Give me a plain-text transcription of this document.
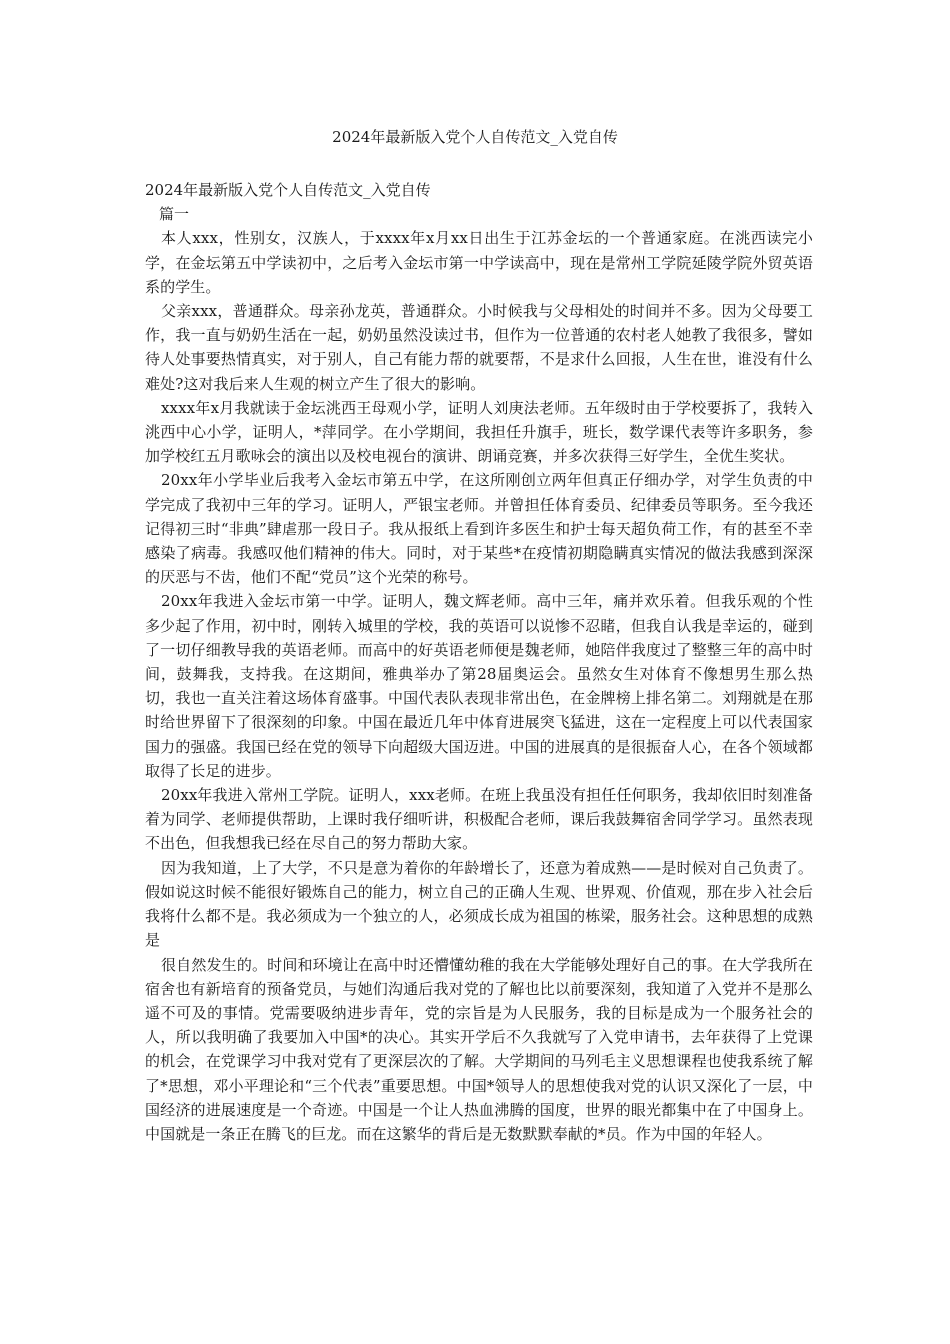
2024年最新版入党个人自传范文_入党自传

2024年最新版入党个人自传范文_入党自传

篇一

本人xxx，性别女，汉族人，于xxxx年x月xx日出生于江苏金坛的一个普通家庭。在洮西读完小学，在金坛第五中学读初中，之后考入金坛市第一中学读高中，现在是常州工学院延陵学院外贸英语系的学生。

父亲xxx，普通群众。母亲孙龙英，普通群众。小时候我与父母相处的时间并不多。因为父母要工作，我一直与奶奶生活在一起，奶奶虽然没读过书，但作为一位普通的农村老人她教了我很多，譬如待人处事要热情真实，对于别人，自己有能力帮的就要帮，不是求什么回报，人生在世，谁没有什么难处?这对我后来人生观的树立产生了很大的影响。

xxxx年x月我就读于金坛洮西王母观小学，证明人刘庚法老师。五年级时由于学校要拆了，我转入洮西中心小学，证明人，*萍同学。在小学期间，我担任升旗手，班长，数学课代表等许多职务，参加学校红五月歌咏会的演出以及校电视台的演讲、朗诵竞赛，并多次获得三好学生，全优生奖状。

20xx年小学毕业后我考入金坛市第五中学，在这所刚创立两年但真正仔细办学，对学生负责的中学完成了我初中三年的学习。证明人，严银宝老师。并曾担任体育委员、纪律委员等职务。至今我还记得初三时“非典”肆虐那一段日子。我从报纸上看到许多医生和护士每天超负荷工作，有的甚至不幸感染了病毒。我感叹他们精神的伟大。同时，对于某些*在疫情初期隐瞒真实情况的做法我感到深深的厌恶与不齿，他们不配“党员”这个光荣的称号。

20xx年我进入金坛市第一中学。证明人，魏文辉老师。高中三年，痛并欢乐着。但我乐观的个性多少起了作用，初中时，刚转入城里的学校，我的英语可以说惨不忍睹，但我自认我是幸运的，碰到了一切仔细教导我的英语老师。而高中的好英语老师便是魏老师，她陪伴我度过了整整三年的高中时间，鼓舞我，支持我。在这期间，雅典举办了第28届奥运会。虽然女生对体育不像想男生那么热切，我也一直关注着这场体育盛事。中国代表队表现非常出色，在金牌榜上排名第二。刘翔就是在那时给世界留下了很深刻的印象。中国在最近几年中体育进展突飞猛进，这在一定程度上可以代表国家国力的强盛。我国已经在党的领导下向超级大国迈进。中国的进展真的是很振奋人心，在各个领域都取得了长足的进步。

20xx年我进入常州工学院。证明人，xxx老师。在班上我虽没有担任任何职务，我却依旧时刻准备着为同学、老师提供帮助，上课时我仔细听讲，积极配合老师，课后我鼓舞宿舍同学学习。虽然表现不出色，但我想我已经在尽自己的努力帮助大家。

因为我知道，上了大学，不只是意为着你的年龄增长了，还意为着成熟——是时候对自己负责了。假如说这时候不能很好锻炼自己的能力，树立自己的正确人生观、世界观、价值观，那在步入社会后我将什么都不是。我必须成为一个独立的人，必须成长成为祖国的栋梁，服务社会。这种思想的成熟是

很自然发生的。时间和环境让在高中时还懵懂幼稚的我在大学能够处理好自己的事。在大学我所在宿舍也有新培育的预备党员，与她们沟通后我对党的了解也比以前要深刻，我知道了入党并不是那么遥不可及的事情。党需要吸纳进步青年，党的宗旨是为人民服务，我的目标是成为一个服务社会的人，所以我明确了我要加入中国*的决心。其实开学后不久我就写了入党申请书，去年获得了上党课的机会，在党课学习中我对党有了更深层次的了解。大学期间的马列毛主义思想课程也使我系统了解了*思想，邓小平理论和“三个代表”重要思想。中国*领导人的思想使我对党的认识又深化了一层，中国经济的进展速度是一个奇迹。中国是一个让人热血沸腾的国度，世界的眼光都集中在了中国身上。中国就是一条正在腾飞的巨龙。而在这繁华的背后是无数默默奉献的*员。作为中国的年轻人。
